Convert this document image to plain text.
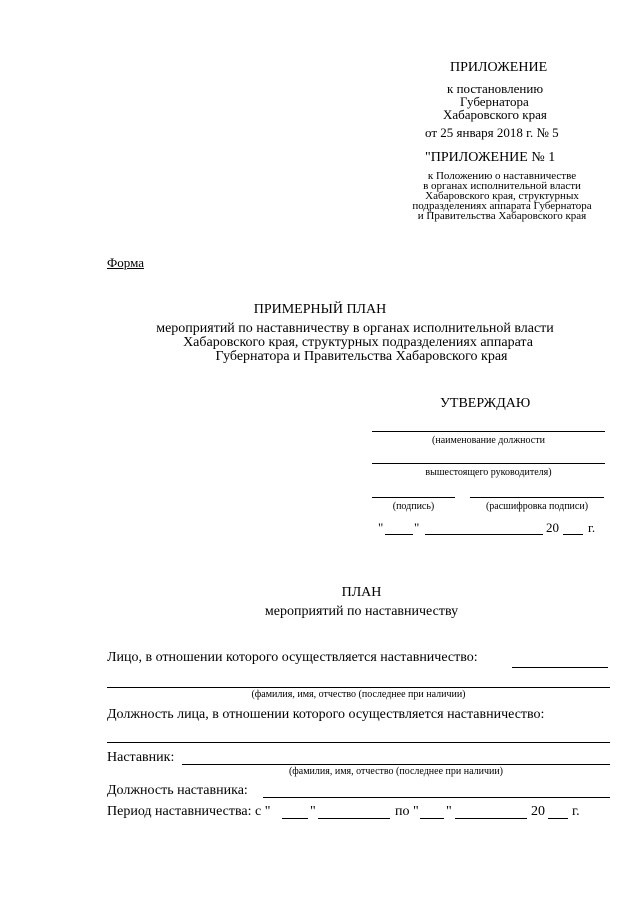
ПРИЛОЖЕНИЕ
к постановлению
Губернатора
Хабаровского края
от 25 января 2018 г. № 5
"ПРИЛОЖЕНИЕ № 1
к Положению о наставничестве
в органах исполнительной власти
Хабаровского края, структурных
подразделениях аппарата Губернатора
и Правительства Хабаровского края
Форма
ПРИМЕРНЫЙ ПЛАН
мероприятий по наставничеству в органах исполнительной власти
Хабаровского края, структурных подразделениях аппарата
Губернатора и Правительства Хабаровского края
УТВЕРЖДАЮ
(наименование должности
вышестоящего руководителя)
(подпись)	(расшифровка подписи)
" "	20 г.
ПЛАН
мероприятий по наставничеству
Лицо, в отношении которого осуществляется наставничество:
(фамилия, имя, отчество (последнее при наличии)
Должность лица, в отношении которого осуществляется наставничество:
Наставник:
(фамилия, имя, отчество (последнее при наличии)
Должность наставника:
Период наставничества: с "	"	по " "	20 г.
